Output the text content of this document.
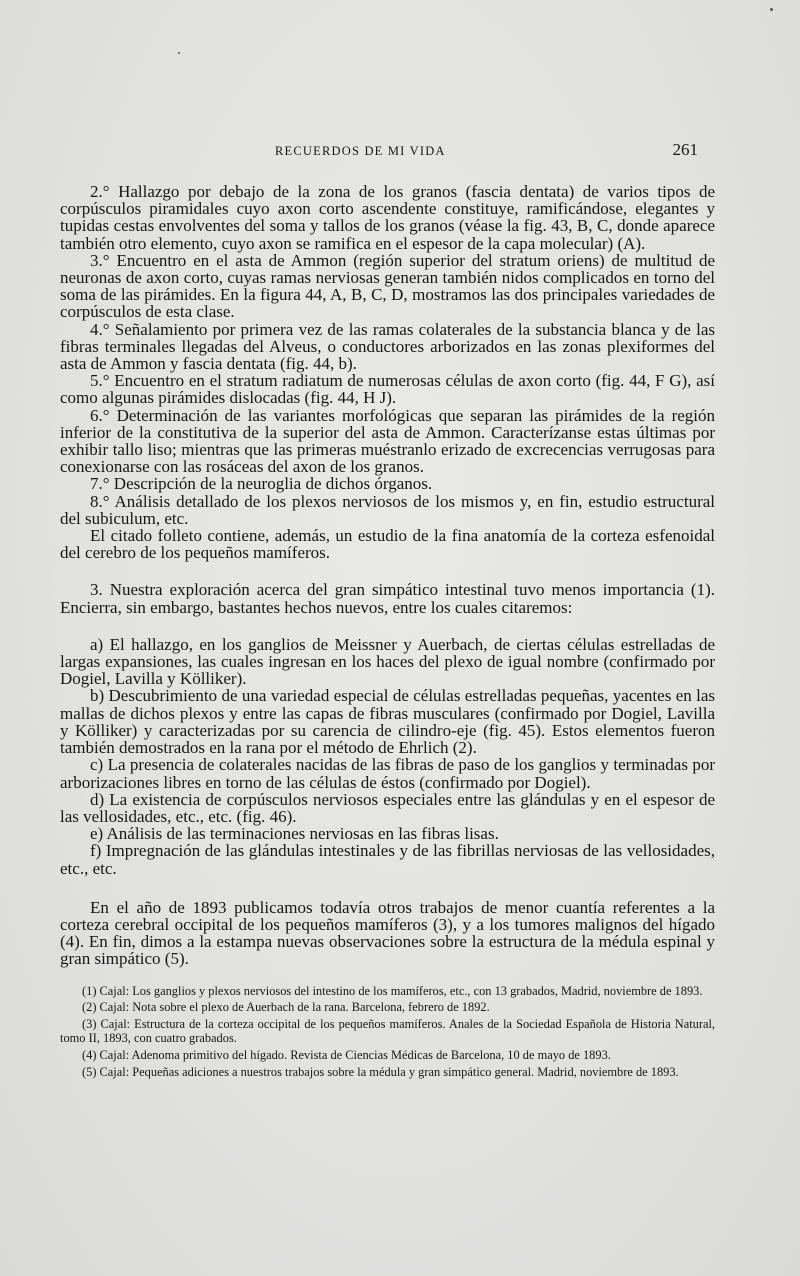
RECUERDOS DE MI VIDA	261

2.° Hallazgo por debajo de la zona de los granos (fascia dentata) de varios tipos de corpúsculos piramidales cuyo axon corto ascendente constituye, ramificándose, elegantes y tupidas cestas envolventes del soma y tallos de los granos (véase la fig. 43, B, C, donde aparece también otro elemento, cuyo axon se ramifica en el espesor de la capa molecular) (A).

3.° Encuentro en el asta de Ammon (región superior del stratum oriens) de multitud de neuronas de axon corto, cuyas ramas nerviosas generan también nidos complicados en torno del soma de las pirámides. En la figura 44, A, B, C, D, mostramos las dos principales variedades de corpúsculos de esta clase.

4.° Señalamiento por primera vez de las ramas colaterales de la substancia blanca y de las fibras terminales llegadas del Alveus, o conductores arborizados en las zonas plexiformes del asta de Ammon y fascia dentata (fig. 44, b).

5.° Encuentro en el stratum radiatum de numerosas células de axon corto (fig. 44, F G), así como algunas pirámides dislocadas (fig. 44, H J).

6.° Determinación de las variantes morfológicas que separan las pirámides de la región inferior de la constitutiva de la superior del asta de Ammon. Caracterízanse estas últimas por exhibir tallo liso; mientras que las primeras muéstranlo erizado de excrecencias verrugosas para conexionarse con las rosáceas del axon de los granos.

7.° Descripción de la neuroglia de dichos órganos.

8.° Análisis detallado de los plexos nerviosos de los mismos y, en fin, estudio estructural del subiculum, etc.

El citado folleto contiene, además, un estudio de la fina anatomía de la corteza esfenoidal del cerebro de los pequeños mamíferos.

3. Nuestra exploración acerca del gran simpático intestinal tuvo menos importancia (1). Encierra, sin embargo, bastantes hechos nuevos, entre los cuales citaremos:

a) El hallazgo, en los ganglios de Meissner y Auerbach, de ciertas células estrelladas de largas expansiones, las cuales ingresan en los haces del plexo de igual nombre (confirmado por Dogiel, Lavilla y Kölliker).

b) Descubrimiento de una variedad especial de células estrelladas pequeñas, yacentes en las mallas de dichos plexos y entre las capas de fibras musculares (confirmado por Dogiel, Lavilla y Kölliker) y caracterizadas por su carencia de cilindro-eje (fig. 45). Estos elementos fueron también demostrados en la rana por el método de Ehrlich (2).

c) La presencia de colaterales nacidas de las fibras de paso de los ganglios y terminadas por arborizaciones libres en torno de las células de éstos (confirmado por Dogiel).

d) La existencia de corpúsculos nerviosos especiales entre las glándulas y en el espesor de las vellosidades, etc., etc. (fig. 46).

e) Análisis de las terminaciones nerviosas en las fibras lisas.

f) Impregnación de las glándulas intestinales y de las fibrillas nerviosas de las vellosidades, etc., etc.

En el año de 1893 publicamos todavía otros trabajos de menor cuantía referentes a la corteza cerebral occipital de los pequeños mamíferos (3), y a los tumores malignos del hígado (4). En fin, dimos a la estampa nuevas observaciones sobre la estructura de la médula espinal y gran simpático (5).

(1) Cajal: Los ganglios y plexos nerviosos del intestino de los mamíferos, etc., con 13 grabados, Madrid, noviembre de 1893.

(2) Cajal: Nota sobre el plexo de Auerbach de la rana. Barcelona, febrero de 1892.

(3) Cajal: Estructura de la corteza occipital de los pequeños mamíferos. Anales de la Sociedad Española de Historia Natural, tomo II, 1893, con cuatro grabados.

(4) Cajal: Adenoma primitivo del hígado. Revista de Ciencias Médicas de Barcelona, 10 de mayo de 1893.

(5) Cajal: Pequeñas adiciones a nuestros trabajos sobre la médula y gran simpático general. Madrid, noviembre de 1893.
